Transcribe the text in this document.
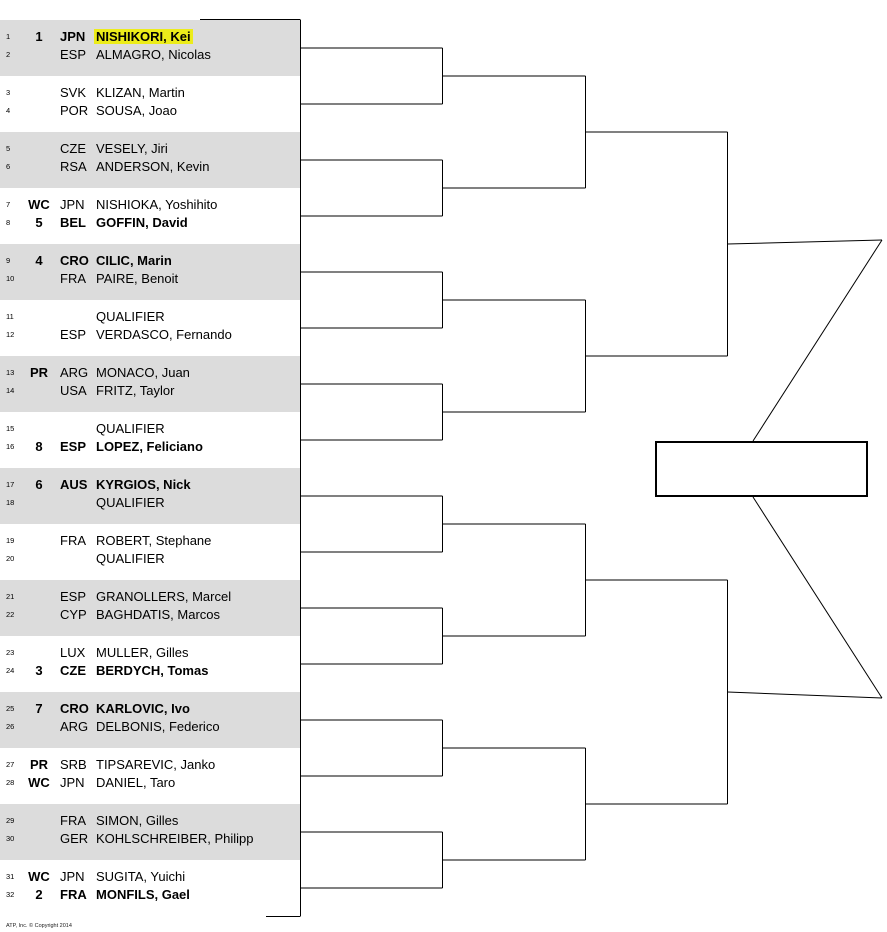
1	1	JPN NISHIKORI, Kei
2	ESP ALMAGRO, Nicolas
3	SVK KLIZAN, Martin
4	POR SOUSA, Joao
5	CZE VESELY, Jiri
6	RSA ANDERSON, Kevin
7	WC JPN NISHIOKA, Yoshihito
8	5	BEL GOFFIN, David
9	4	CRO CILIC, Marin
10	FRA PAIRE, Benoit
11	QUALIFIER
12	ESP VERDASCO, Fernando
13	PR ARG MONACO, Juan
14	USA FRITZ, Taylor
15	QUALIFIER
16	8	ESP LOPEZ, Feliciano
17	6	AUS KYRGIOS, Nick
18	QUALIFIER
19	FRA ROBERT, Stephane
20	QUALIFIER
21	ESP GRANOLLERS, Marcel
22	CYP BAGHDATIS, Marcos
23	LUX MULLER, Gilles
24	3	CZE BERDYCH, Tomas
25	7	CRO KARLOVIC, Ivo
26	ARG DELBONIS, Federico
27	PR SRB TIPSAREVIC, Janko
28	WC JPN DANIEL, Taro
29	FRA SIMON, Gilles
30	GER KOHLSCHREIBER, Philipp
31	WC JPN SUGITA, Yuichi
32	2	FRA MONFILS, Gael
ATP, Inc. © Copyright 2014
